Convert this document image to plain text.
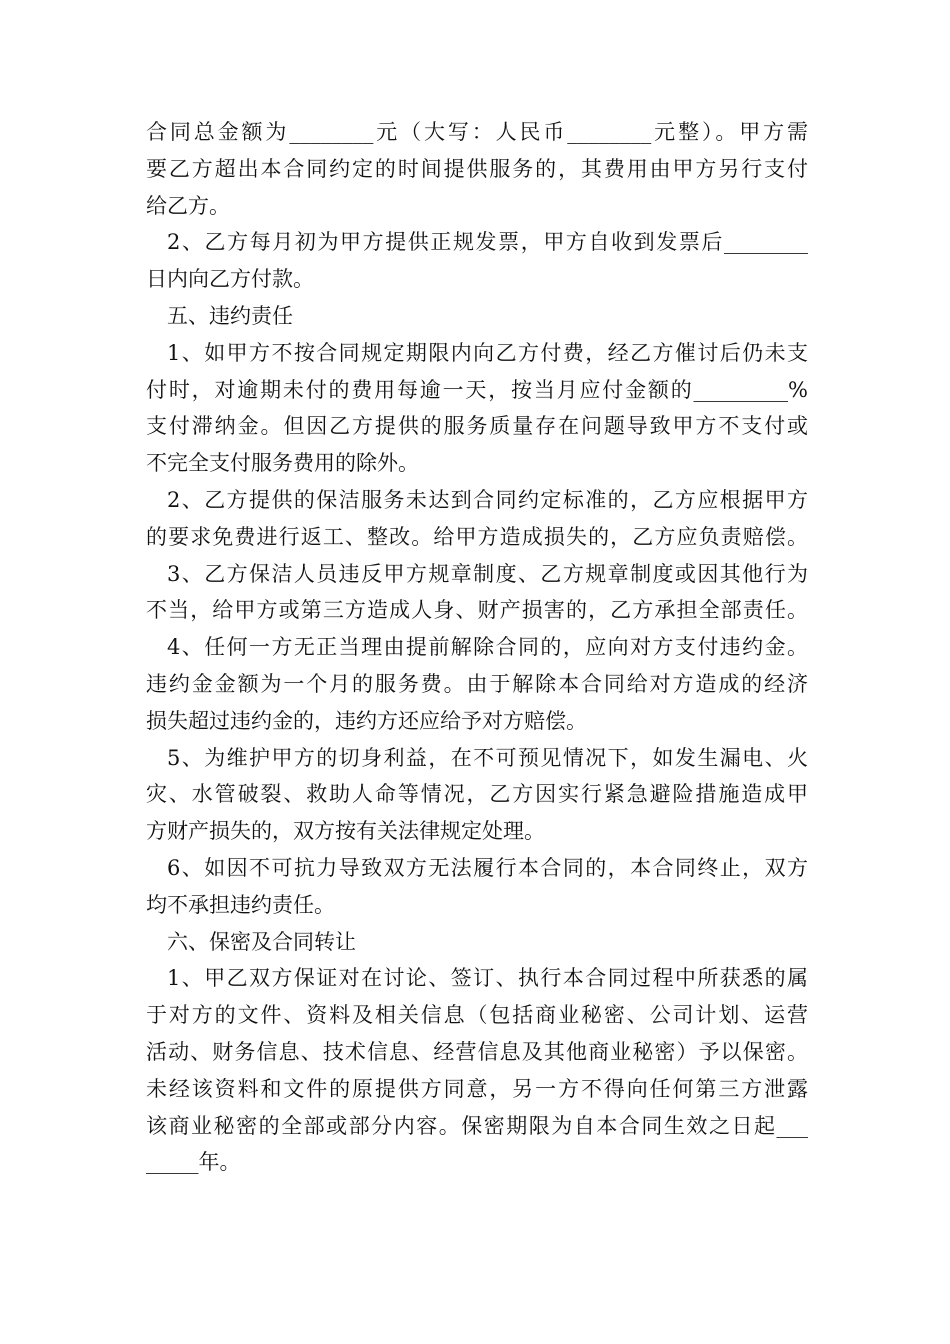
合同总金额为________元（大写：人民币________元整）。甲方需
要乙方超出本合同约定的时间提供服务的，其费用由甲方另行支付
给乙方。
2、乙方每月初为甲方提供正规发票，甲方自收到发票后________
日内向乙方付款。
五、违约责任
1、如甲方不按合同规定期限内向乙方付费，经乙方催讨后仍未支
付时，对逾期未付的费用每逾一天，按当月应付金额的_________%
支付滞纳金。但因乙方提供的服务质量存在问题导致甲方不支付或
不完全支付服务费用的除外。
2、乙方提供的保洁服务未达到合同约定标准的，乙方应根据甲方
的要求免费进行返工、整改。给甲方造成损失的，乙方应负责赔偿。
3、乙方保洁人员违反甲方规章制度、乙方规章制度或因其他行为
不当，给甲方或第三方造成人身、财产损害的，乙方承担全部责任。
4、任何一方无正当理由提前解除合同的，应向对方支付违约金。
违约金金额为一个月的服务费。由于解除本合同给对方造成的经济
损失超过违约金的，违约方还应给予对方赔偿。
5、为维护甲方的切身利益，在不可预见情况下，如发生漏电、火
灾、水管破裂、救助人命等情况，乙方因实行紧急避险措施造成甲
方财产损失的，双方按有关法律规定处理。
6、如因不可抗力导致双方无法履行本合同的，本合同终止，双方
均不承担违约责任。
六、保密及合同转让
1、甲乙双方保证对在讨论、签订、执行本合同过程中所获悉的属
于对方的文件、资料及相关信息（包括商业秘密、公司计划、运营
活动、财务信息、技术信息、经营信息及其他商业秘密）予以保密。
未经该资料和文件的原提供方同意，另一方不得向任何第三方泄露
该商业秘密的全部或部分内容。保密期限为自本合同生效之日起___
_____年。
